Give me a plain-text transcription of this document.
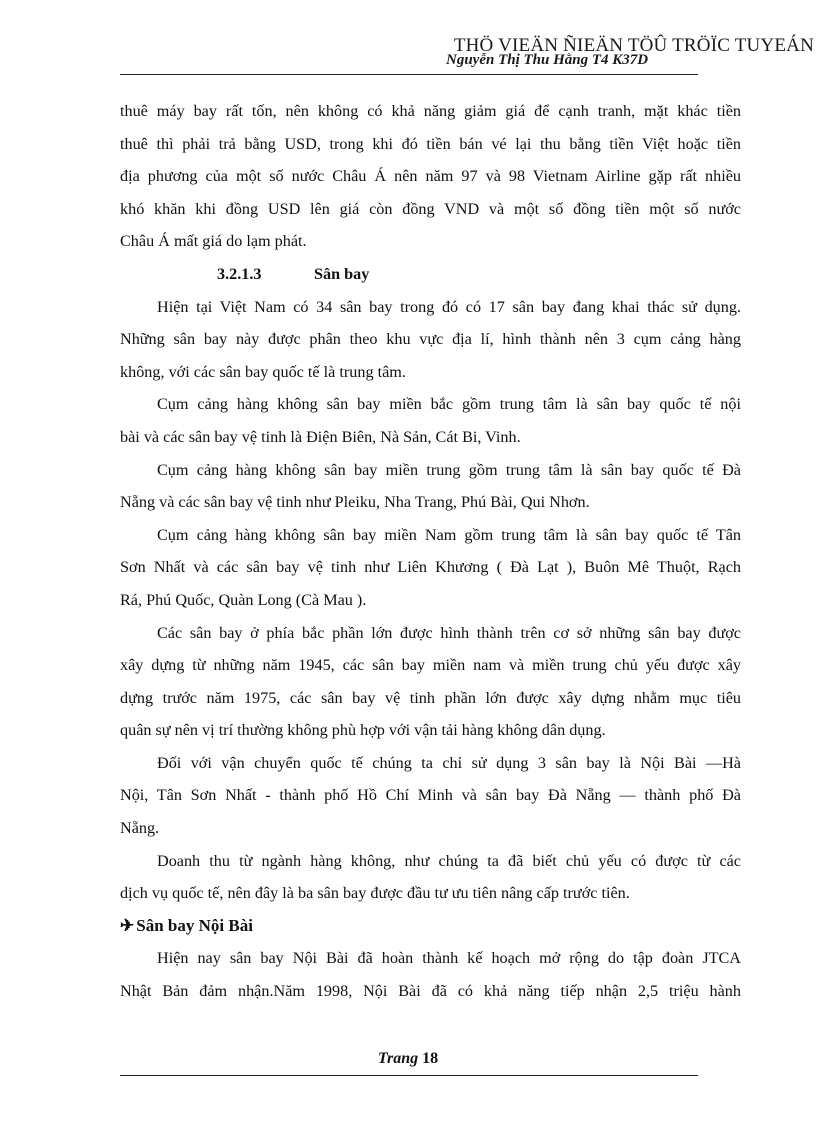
THÖ VIEÄN ÑIEÄN TÖÛ TRÖÏC TUYEÁN
Nguyễn Thị Thu Hằng T4 K37D
thuê máy bay rất tốn, nên không có khả năng giảm giá để cạnh tranh, mặt khác tiền
thuê thì phải trả bằng USD, trong khi đó tiền bán vé lại thu bằng tiền Việt hoặc tiền
địa phương của một số nước Châu Á nên năm 97 và 98 Vietnam Airline gặp rất nhiều
khó khăn khi đồng USD lên giá còn đồng VND và một số đồng tiền một số nước
Châu Á mất giá do lạm phát.
3.2.1.3	Sân bay
Hiện tại Việt Nam có 34 sân bay trong đó có 17 sân bay đang khai thác sử dụng.
Những sân bay này được phân theo khu vực địa lí, hình thành nên 3 cụm cảng hàng
không, với các sân bay quốc tế là trung tâm.
Cụm cảng hàng không sân bay miền bắc gồm trung tâm là sân bay quốc tế nội
bài và các sân bay vệ tinh là Điện Biên, Nà Sản, Cát Bi, Vinh.
Cụm cảng hàng không sân bay miền trung gồm trung tâm là sân bay quốc tế Đà
Nẵng và các sân bay vệ tinh như Pleiku, Nha Trang, Phú Bài, Qui Nhơn.
Cụm cảng hàng không sân bay miền Nam gồm trung tâm là sân bay quốc tế Tân
Sơn Nhất và các sân bay vệ tinh như Liên Khương ( Đà Lạt ), Buôn Mê Thuột, Rạch
Rá, Phú Quốc, Quàn Long (Cà Mau ).
Các sân bay ở phía bắc phần lớn được hình thành trên cơ sở những sân bay được
xây dựng từ những năm 1945, các sân bay miền nam và miền trung chủ yếu được xây
dựng trước năm 1975, các sân bay vệ tinh phần lớn được xây dựng nhằm mục tiêu
quân sự nên vị trí thường không phù hợp với vận tải hàng không dân dụng.
Đối với vận chuyển quốc tế chúng ta chỉ sử dụng 3 sân bay là Nội Bài —Hà
Nội, Tân Sơn Nhất - thành phố Hồ Chí Minh và sân bay Đà Nẵng — thành phố Đà
Nẵng.
Doanh thu từ ngành hàng không, như chúng ta đã biết chủ yếu có được từ các
dịch vụ quốc tế, nên đây là ba sân bay được đầu tư ưu tiên nâng cấp trước tiên.
✈ Sân bay Nội Bài
Hiện nay sân bay Nội Bài đã hoàn thành kế hoạch mở rộng do tập đoàn JTCA
Nhật Bản đảm nhận.Năm 1998, Nội Bài đã có khả năng tiếp nhận 2,5 triệu hành
Trang 18
